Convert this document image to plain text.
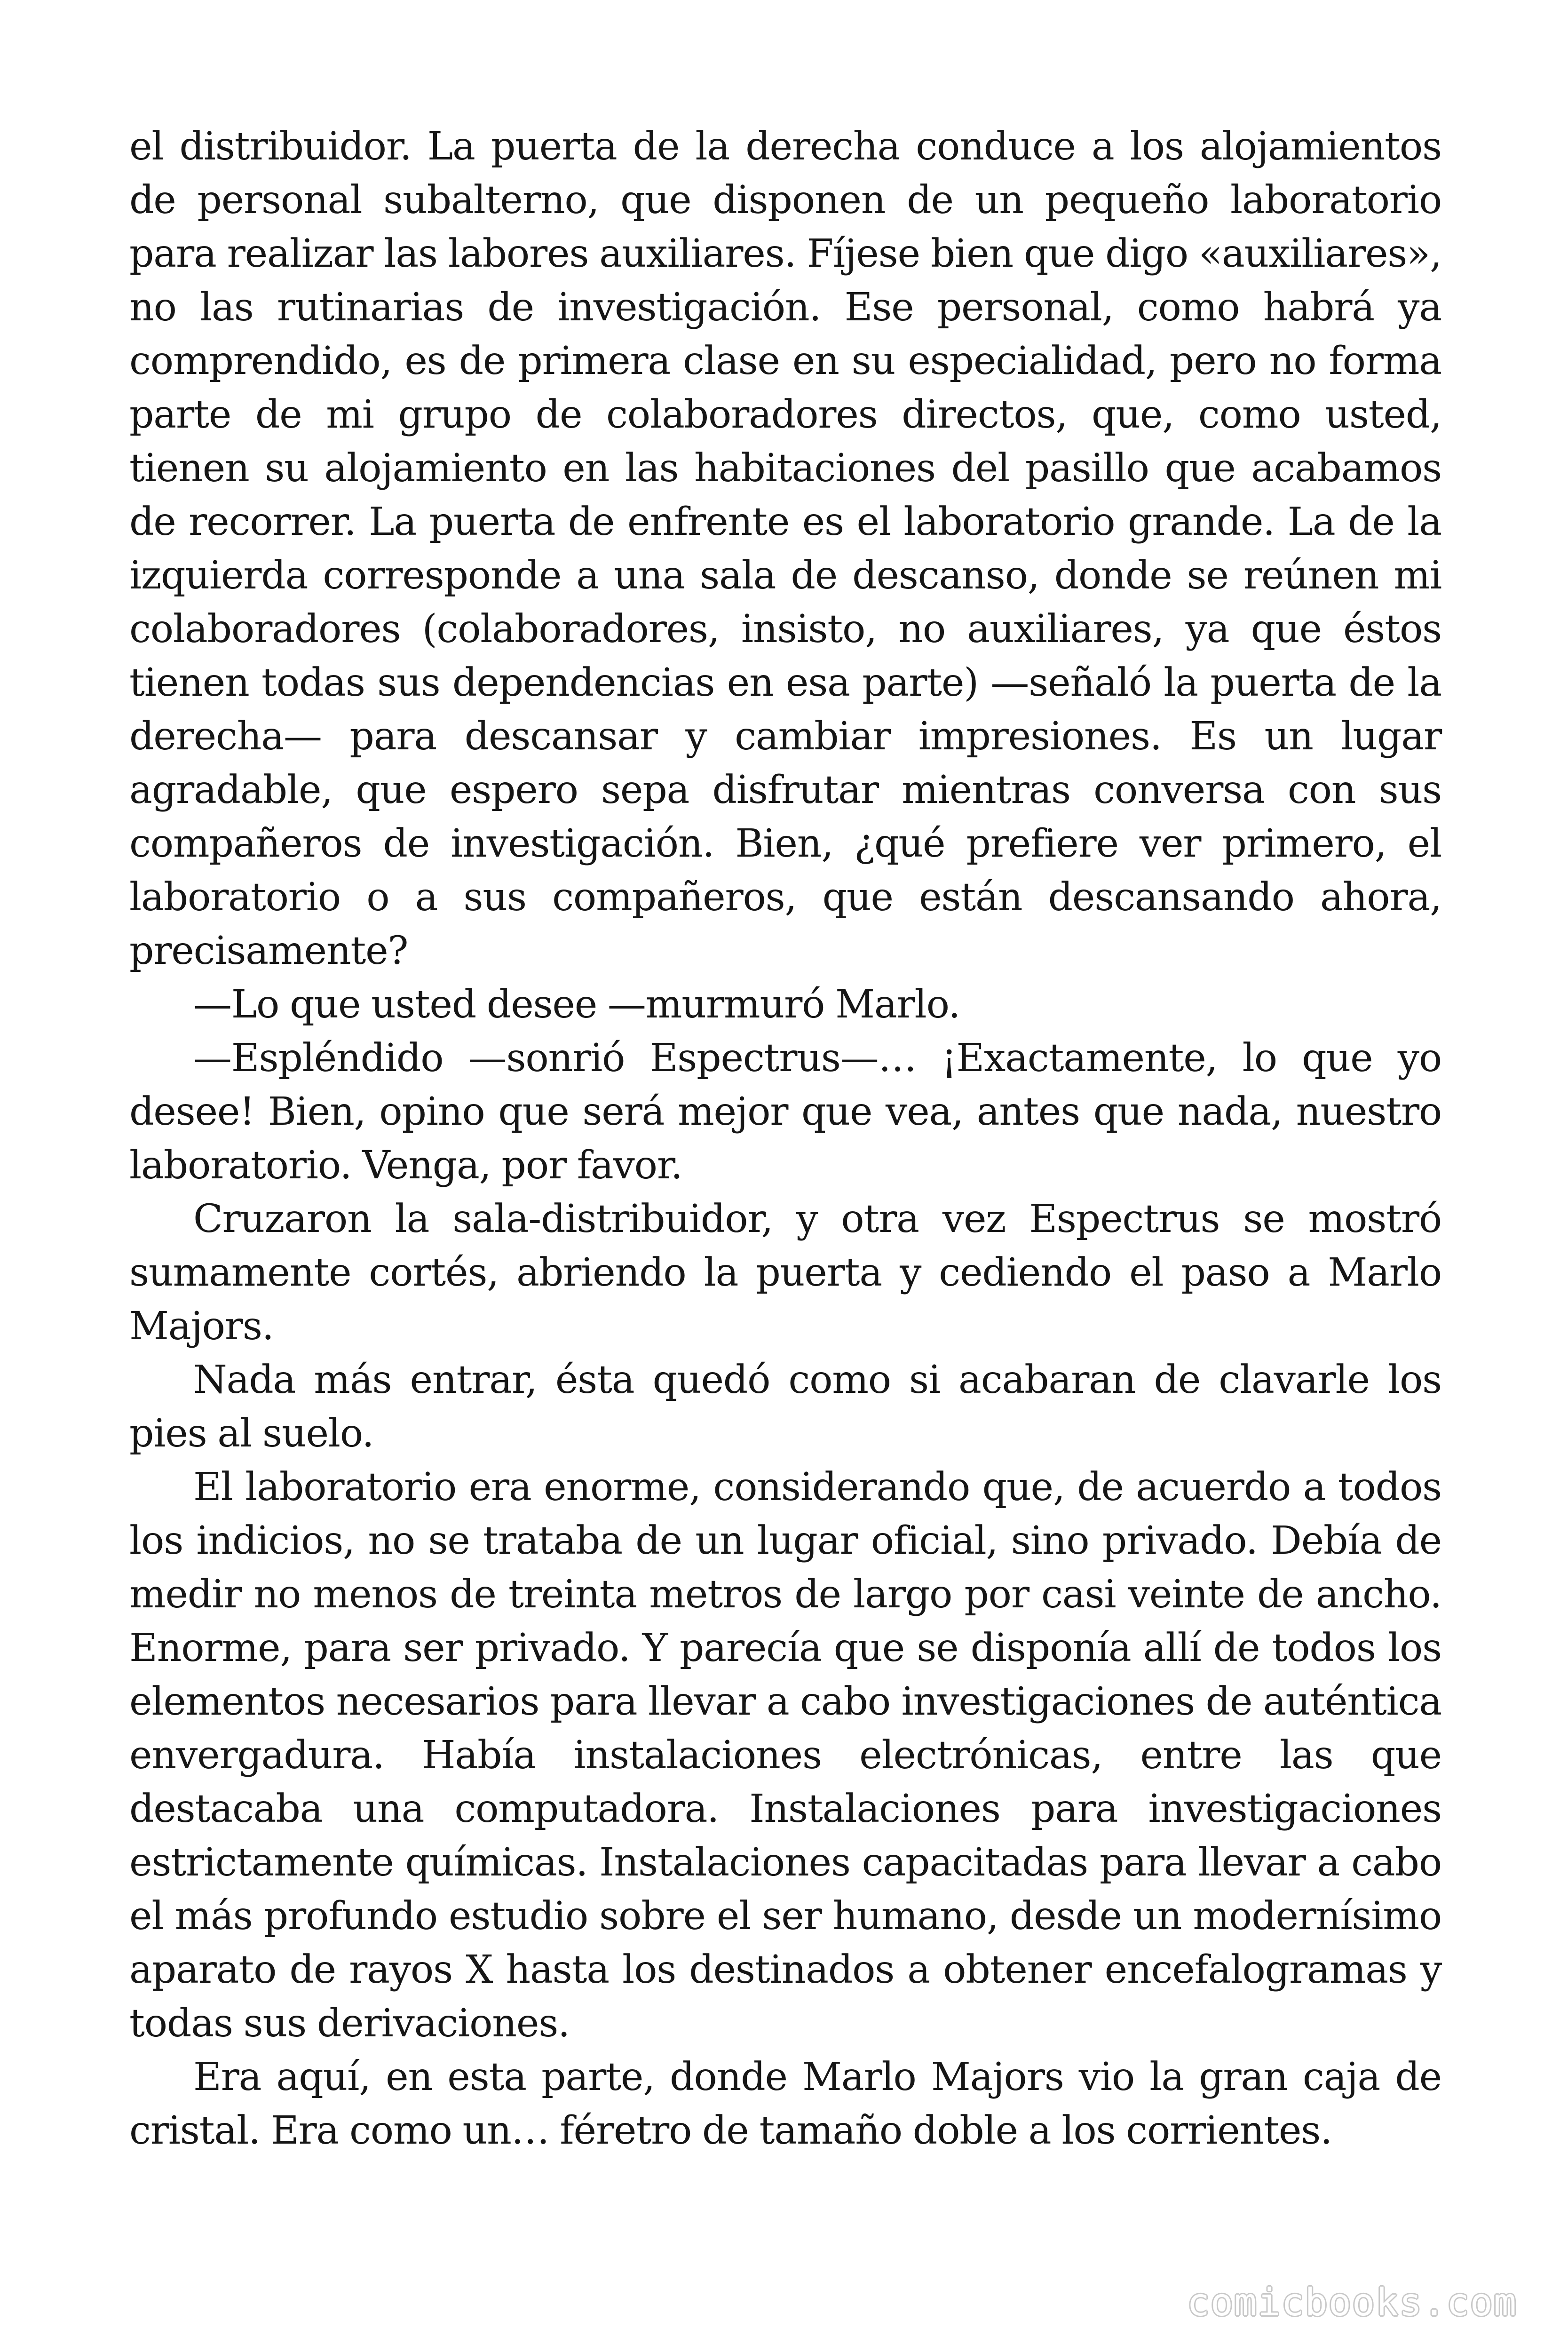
el distribuidor. La puerta de la derecha conduce a los alojamientos de personal subalterno, que disponen de un pequeño laboratorio para realizar las labores auxiliares. Fíjese bien que digo «auxiliares», no las rutinarias de investigación. Ese personal, como habrá ya comprendido, es de primera clase en su especialidad, pero no forma parte de mi grupo de colaboradores directos, que, como usted, tienen su alojamiento en las habitaciones del pasillo que acabamos de recorrer. La puerta de enfrente es el laboratorio grande. La de la izquierda corresponde a una sala de descanso, donde se reúnen mi colaboradores (colaboradores, insisto, no auxiliares, ya que éstos tienen todas sus dependencias en esa parte) —señaló la puerta de la derecha— para descansar y cambiar impresiones. Es un lugar agradable, que espero sepa disfrutar mientras conversa con sus compañeros de investigación. Bien, ¿qué prefiere ver primero, el laboratorio o a sus compañeros, que están descansando ahora, precisamente?

—Lo que usted desee —murmuró Marlo.

—Espléndido —sonrió Espectrus—… ¡Exactamente, lo que yo desee! Bien, opino que será mejor que vea, antes que nada, nuestro laboratorio. Venga, por favor.

Cruzaron la sala-distribuidor, y otra vez Espectrus se mostró sumamente cortés, abriendo la puerta y cediendo el paso a Marlo Majors.

Nada más entrar, ésta quedó como si acabaran de clavarle los pies al suelo.

El laboratorio era enorme, considerando que, de acuerdo a todos los indicios, no se trataba de un lugar oficial, sino privado. Debía de medir no menos de treinta metros de largo por casi veinte de ancho. Enorme, para ser privado. Y parecía que se disponía allí de todos los elementos necesarios para llevar a cabo investigaciones de auténtica envergadura. Había instalaciones electrónicas, entre las que destacaba una computadora. Instalaciones para investigaciones estrictamente químicas. Instalaciones capacitadas para llevar a cabo el más profundo estudio sobre el ser humano, desde un modernísimo aparato de rayos X hasta los destinados a obtener encefalogramas y todas sus derivaciones.

Era aquí, en esta parte, donde Marlo Majors vio la gran caja de cristal. Era como un… féretro de tamaño doble a los corrientes.

comicbooks.com
